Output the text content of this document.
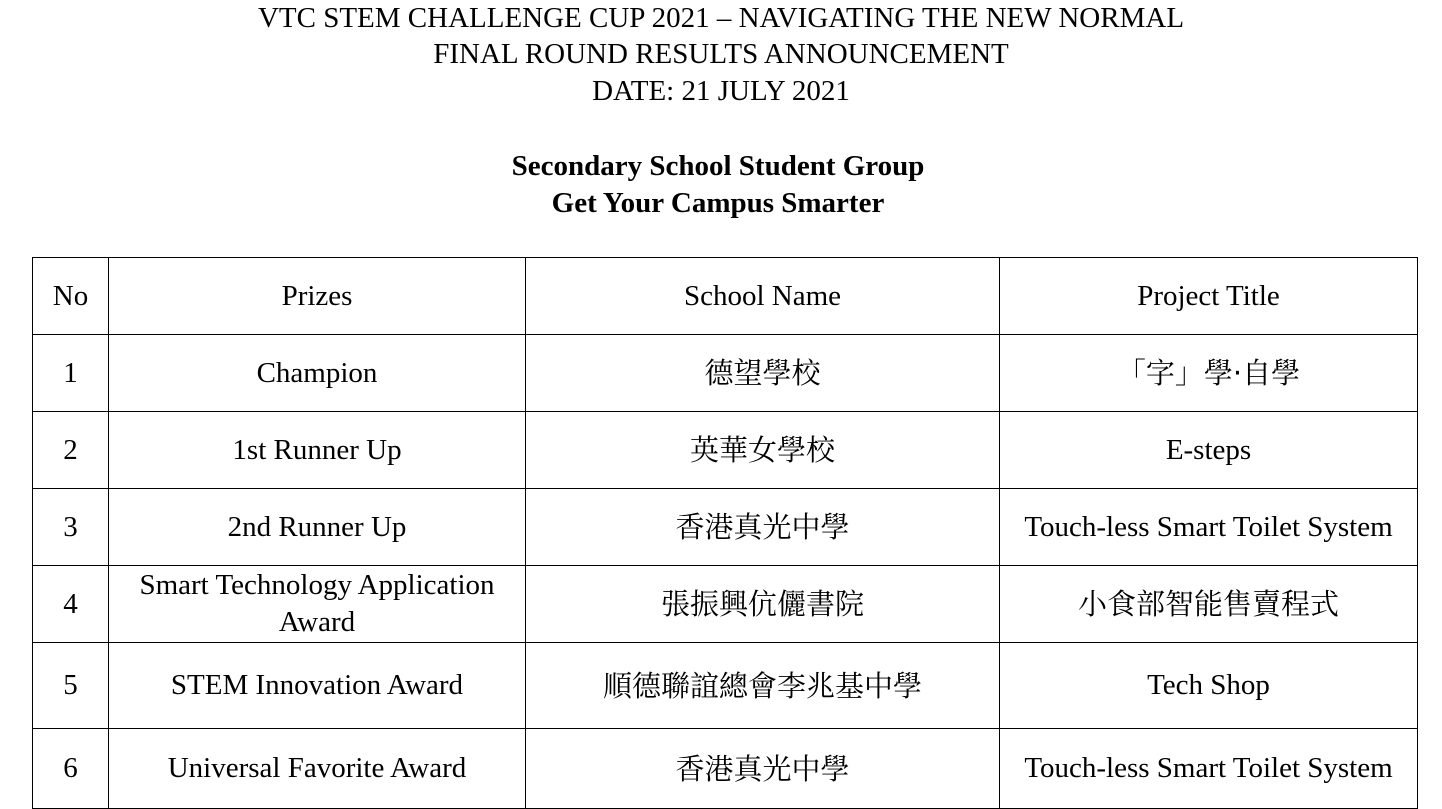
VTC STEM CHALLENGE CUP 2021 – NAVIGATING THE NEW NORMAL
FINAL ROUND RESULTS ANNOUNCEMENT
DATE: 21 JULY 2021
Secondary School Student Group
Get Your Campus Smarter
No	Prizes	School Name	Project Title
1	Champion	德望學校	「字」學·自學
2	1st Runner Up	英華女學校	E-steps
3	2nd Runner Up	香港真光中學	Touch-less Smart Toilet System
4	Smart Technology Application Award	張振興伉儷書院	小食部智能售賣程式
5	STEM Innovation Award	順德聯誼總會李兆基中學	Tech Shop
6	Universal Favorite Award	香港真光中學	Touch-less Smart Toilet System
